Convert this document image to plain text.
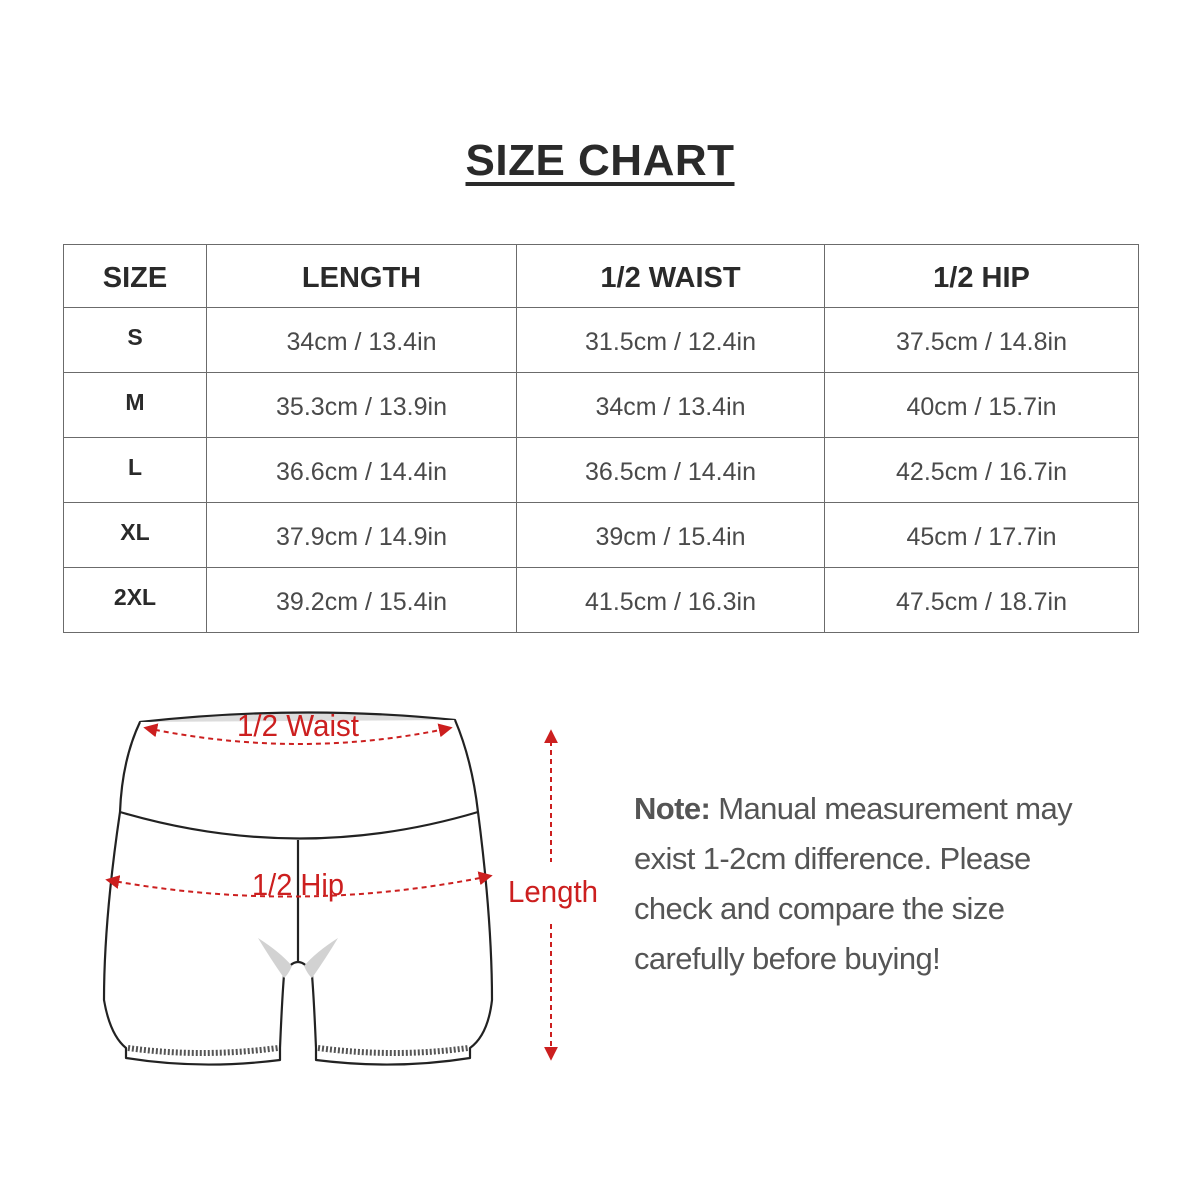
SIZE CHART
SIZE	LENGTH	1/2 WAIST	1/2 HIP
S	34cm / 13.4in	31.5cm / 12.4in	37.5cm / 14.8in
M	35.3cm / 13.9in	34cm / 13.4in	40cm / 15.7in
L	36.6cm / 14.4in	36.5cm / 14.4in	42.5cm / 16.7in
XL	37.9cm / 14.9in	39cm / 15.4in	45cm / 17.7in
2XL	39.2cm / 15.4in	41.5cm / 16.3in	47.5cm / 18.7in
1/2 Waist
1/2 Hip	Length
Note: Manual measurement may exist 1-2cm difference. Please check and compare the size carefully before buying!
